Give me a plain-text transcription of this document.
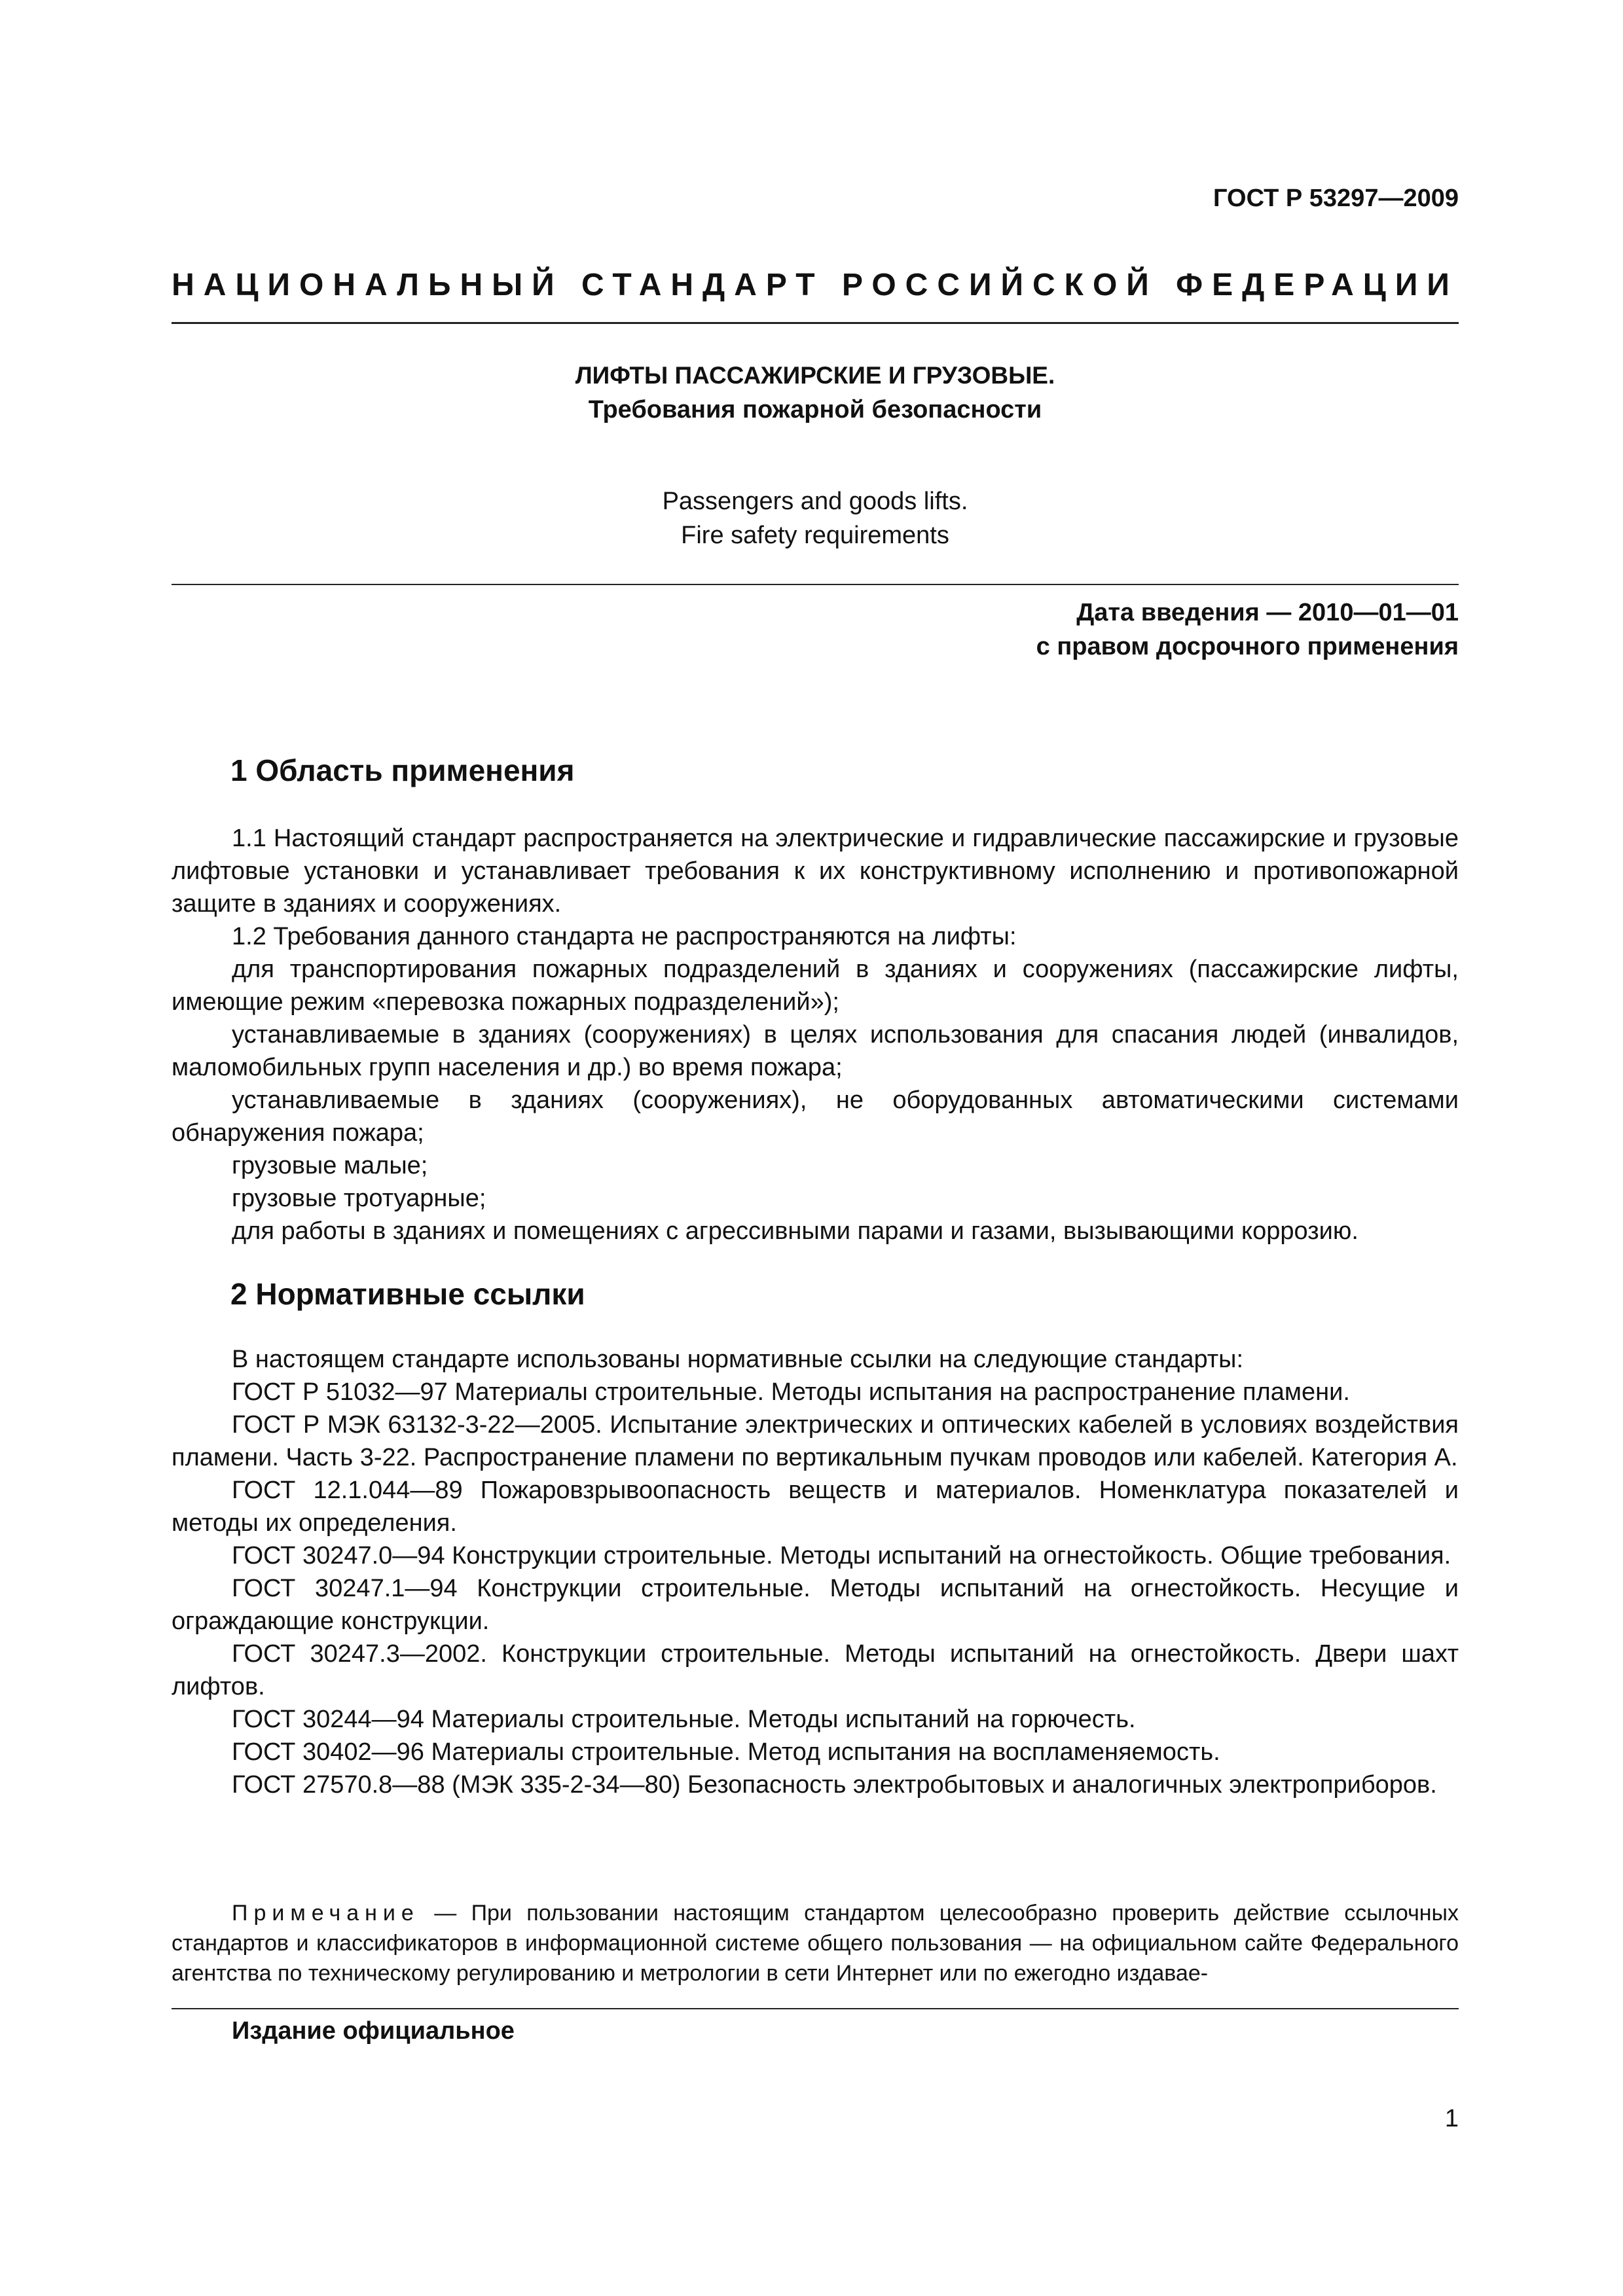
ГОСТ Р 53297—2009
НАЦИОНАЛЬНЫЙ СТАНДАРТ РОССИЙСКОЙ ФЕДЕРАЦИИ
ЛИФТЫ ПАССАЖИРСКИЕ И ГРУЗОВЫЕ.
Требования пожарной безопасности
Passengers and goods lifts.
Fire safety requirements
Дата введения — 2010—01—01
с правом досрочного применения
1 Область применения

1.1 Настоящий стандарт распространяется на электрические и гидравлические пассажирские и грузовые лифтовые установки и устанавливает требования к их конструктивному исполнению и противопожарной защите в зданиях и сооружениях.

1.2 Требования данного стандарта не распространяются на лифты:

для транспортирования пожарных подразделений в зданиях и сооружениях (пассажирские лифты, имеющие режим «перевозка пожарных подразделений»);

устанавливаемые в зданиях (сооружениях) в целях использования для спасания людей (инвалидов, маломобильных групп населения и др.) во время пожара;

устанавливаемые в зданиях (сооружениях), не оборудованных автоматическими системами обнаружения пожара;

грузовые малые;

грузовые тротуарные;

для работы в зданиях и помещениях с агрессивными парами и газами, вызывающими коррозию.

2 Нормативные ссылки

В настоящем стандарте использованы нормативные ссылки на следующие стандарты:

ГОСТ Р 51032—97 Материалы строительные. Методы испытания на распространение пламени.

ГОСТ Р МЭК 63132-3-22—2005. Испытание электрических и оптических кабелей в условиях воздействия пламени. Часть 3-22. Распространение пламени по вертикальным пучкам проводов или кабелей. Категория А.

ГОСТ 12.1.044—89 Пожаровзрывоопасность веществ и материалов. Номенклатура показателей и методы их определения.

ГОСТ 30247.0—94 Конструкции строительные. Методы испытаний на огнестойкость. Общие требования.

ГОСТ 30247.1—94 Конструкции строительные. Методы испытаний на огнестойкость. Несущие и ограждающие конструкции.

ГОСТ 30247.3—2002. Конструкции строительные. Методы испытаний на огнестойкость. Двери шахт лифтов.

ГОСТ 30244—94 Материалы строительные. Методы испытаний на горючесть.

ГОСТ 30402—96 Материалы строительные. Метод испытания на воспламеняемость.

ГОСТ 27570.8—88 (МЭК 335-2-34—80) Безопасность электробытовых и аналогичных электроприборов.

Примечание — При пользовании настоящим стандартом целесообразно проверить действие ссылочных стандартов и классификаторов в информационной системе общего пользования — на официальном сайте Федерального агентства по техническому регулированию и метрологии в сети Интернет или по ежегодно издавае-

Издание официальное
1
